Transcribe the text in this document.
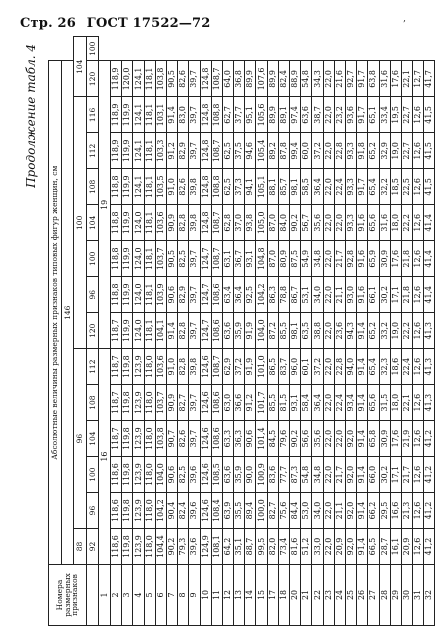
Стр. 26 ГОСТ 17522—72	,
Продолжение табл. 4
Номера размерных признаков	Абсолютные величины размерных признаков типовых фигур женщин, см														
	146														
	88	96					100							104	
	92	96	100	104	108	112	120	96	100	104	108	112	116	120	100
1	16						19								
2	118,6	118,6	118,6	118,7	118,7	118,7	118,7	118,8	118,8	118,8	118,8	118,9	118,9	118,9	
3	119,8	119,8	119,8	119,8	119,8	119,8	119,9	119,9	119,9	119,9	119,9	119,9	119,9	120,0	
4	123,9	123,9	123,9	123,9	123,9	123,9	124,0	124,0	124,0	124,0	124,1	124,1	124,1	124,1	
5	118,0	118,0	118,0	118,0	118,0	118,0	118,1	118,1	118,1	118,1	118,1	118,1	118,1	118,1	
6	104,4	104,2	104,0	103,8	103,7	103,6	104,1	103,9	103,7	103,6	103,5	103,3	103,1	103,8	
7	90,2	90,4	90,6	90,7	90,9	91,0	91,4	90,6	90,5	90,9	91,0	91,2	91,4	90,5	
8	79,3	82,4	82,5	82,6	82,7	82,8	82,8	82,9	82,5	82,8	82,6	82,9	83,0	82,6	
9	39,6	39,6	39,6	39,7	39,7	39,8	39,7	39,7	39,7	39,8	39,8	39,7	39,7	39,7	
10	124,9	124,6	124,6	124,6	124,6	124,6	124,7	124,7	124,7	124,8	124,8	124,8	124,8	124,8	
11	108,1	108,4	108,5	108,6	108,6	108,7	108,6	108,6	108,7	108,7	108,8	108,7	108,8	108,7	
12	64,2	63,9	63,6	63,3	63,0	62,9	63,6	63,4	63,1	62,8	62,5	62,5	62,7	64,0	
13	35,1	35,5	35,9	36,3	36,6	37,2	35,9	36,4	36,7	37,0	37,3	37,5	37,7	36,8	
14	88,7	89,4	90,0	90,6	91,2	91,9	91,9	92,5	93,1	93,8	94,1	94,6	95,1	89,9	
15	99,5	100,0	100,9	101,4	101,7	101,0	104,0	104,2	104,8	105,0	105,1	105,4	105,6	107,6	
17	82,0	82,7	83,6	84,5	85,5	86,5	87,2	86,3	87,0	87,0	88,1	89,2	89,9	89,9	
18	73,4	75,6	77,7	79,6	81,5	83,7	85,5	78,8	80,9	84,0	85,7	87,8	89,1	82,4	
20	81,6	84,4	87,3	90,2	93,1	96,0	98,1	86,7	87,5	90,2	98,1	99,4	97,4	88,9	
21	51,2	53,0	54,8	56,6	58,4	60,1	63,5	53,1	54,9	56,7	58,5	60,0	63,6	54,8	
22	33,0	34,0	34,8	35,6	36,4	37,2	38,8	34,0	34,8	35,6	36,4	37,2	38,7	34,3	
23	22,0	22,0	22,0	22,0	22,0	22,0	22,0	22,0	22,0	22,0	22,0	22,0	22,0	22,0	
24	20,9	21,1	21,7	22,0	22,4	22,8	23,6	21,1	21,7	22,0	22,4	22,8	23,2	21,6	
25	92,0	92,0	92,0	92,0	93,4	94,0	94,3	93,0	92,8	93,3	93,3	93,3	93,6	92,7	
26	91,4	91,4	91,4	91,4	91,4	91,4	91,4	91,6	91,6	91,6	91,7	91,8	91,7	91,7	
27	66,5	66,2	66,0	65,8	65,6	65,4	65,2	66,1	65,9	65,6	65,4	65,2	65,1	63,8	
28	28,7	29,5	30,2	30,9	31,5	32,3	33,2	30,2	30,9	31,6	32,2	32,9	33,4	31,6	
29	16,1	16,6	17,1	17,6	18,0	18,6	19,0	17,1	17,6	18,0	18,5	19,0	19,5	17,6	
30	20,9	21,3	21,7	21,9	22,1	22,4	22,2	21,8	21,8	22,2	22,5	22,7	22,7	22,1	
31	12,6	12,6	12,6	12,6	12,6	12,6	12,6	12,6	12,6	12,6	12,6	12,6	12,6	12,7	
32	41,2	41,2	41,2	41,2	41,3	41,3	41,3	41,4	41,4	41,4	41,5	41,5	41,5	41,7	
